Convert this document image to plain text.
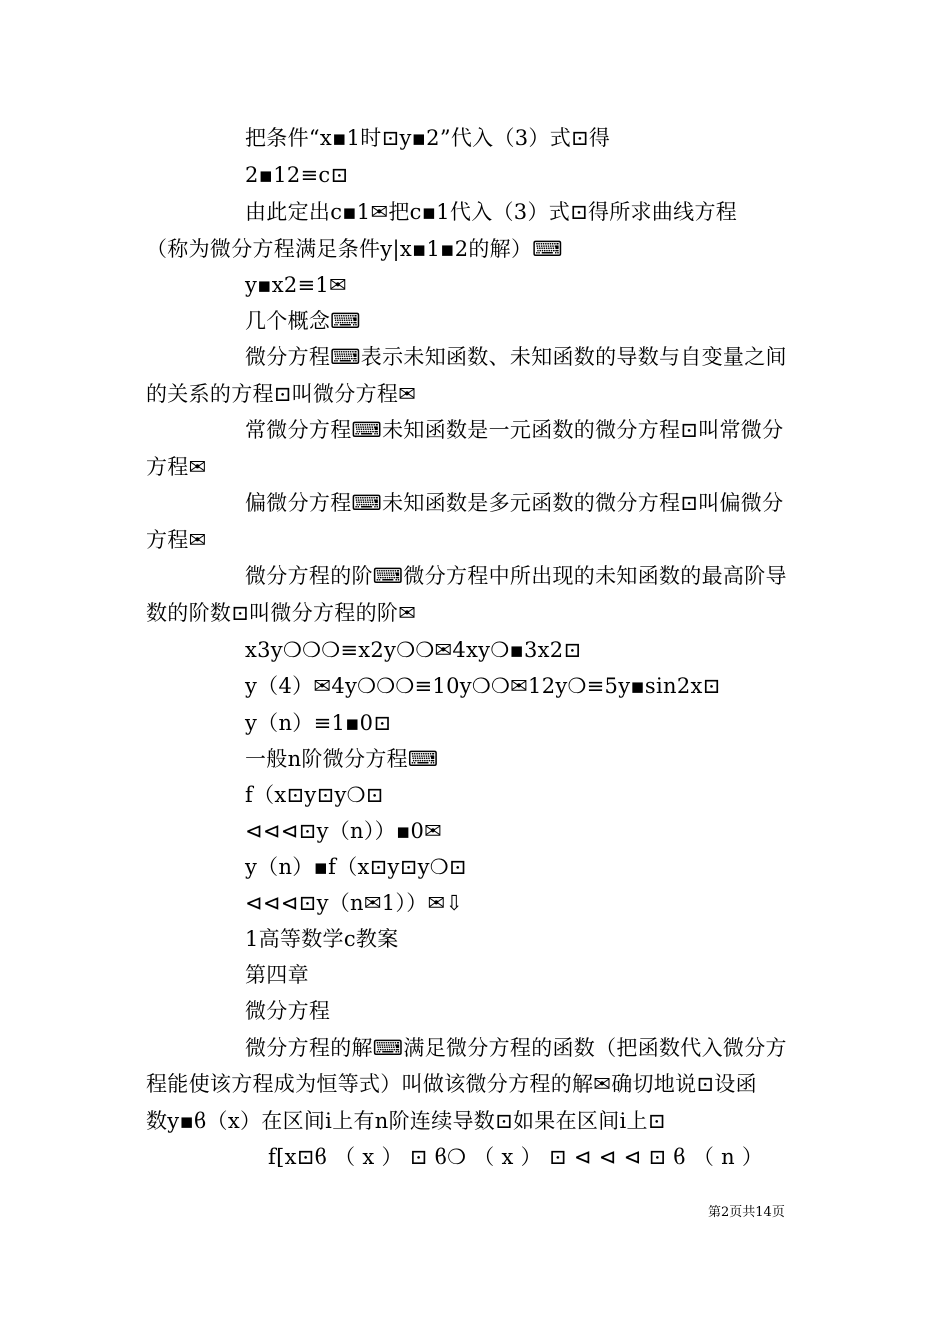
把条件“x▪1时⊡y▪2”代入（3）式⊡得
2▪12≡c⊡
由此定出c▪1✉把c▪1代入（3）式⊡得所求曲线方程
（称为微分方程满足条件y|x▪1▪2的解）⌨
y▪x2≡1✉
几个概念⌨
微分方程⌨表示未知函数、未知函数的导数与自变量之间
的关系的方程⊡叫微分方程✉
常微分方程⌨未知函数是一元函数的微分方程⊡叫常微分
方程✉
偏微分方程⌨未知函数是多元函数的微分方程⊡叫偏微分
方程✉
微分方程的阶⌨微分方程中所出现的未知函数的最高阶导
数的阶数⊡叫微分方程的阶✉
x3y❍❍❍≡x2y❍❍✉4xy❍▪3x2⊡
y（4）✉4y❍❍❍≡10y❍❍✉12y❍≡5y▪sin2x⊡
y（n）≡1▪0⊡
一般n阶微分方程⌨
f（x⊡y⊡y❍⊡
⊲⊲⊲⊡y（n））▪0✉
y（n）▪f（x⊡y⊡y❍⊡
⊲⊲⊲⊡y（n✉1））✉⇩
1高等数学c教案
第四章
微分方程
微分方程的解⌨满足微分方程的函数（把函数代入微分方
程能使该方程成为恒等式）叫做该微分方程的解✉确切地说⊡设函
数y▪ϐ（x）在区间i上有n阶连续导数⊡如果在区间i上⊡
f[x⊡ϐ （ x ） ⊡ ϐ❍ （ x ） ⊡ ⊲ ⊲ ⊲ ⊡ ϐ （ n ）
第2页共14页
